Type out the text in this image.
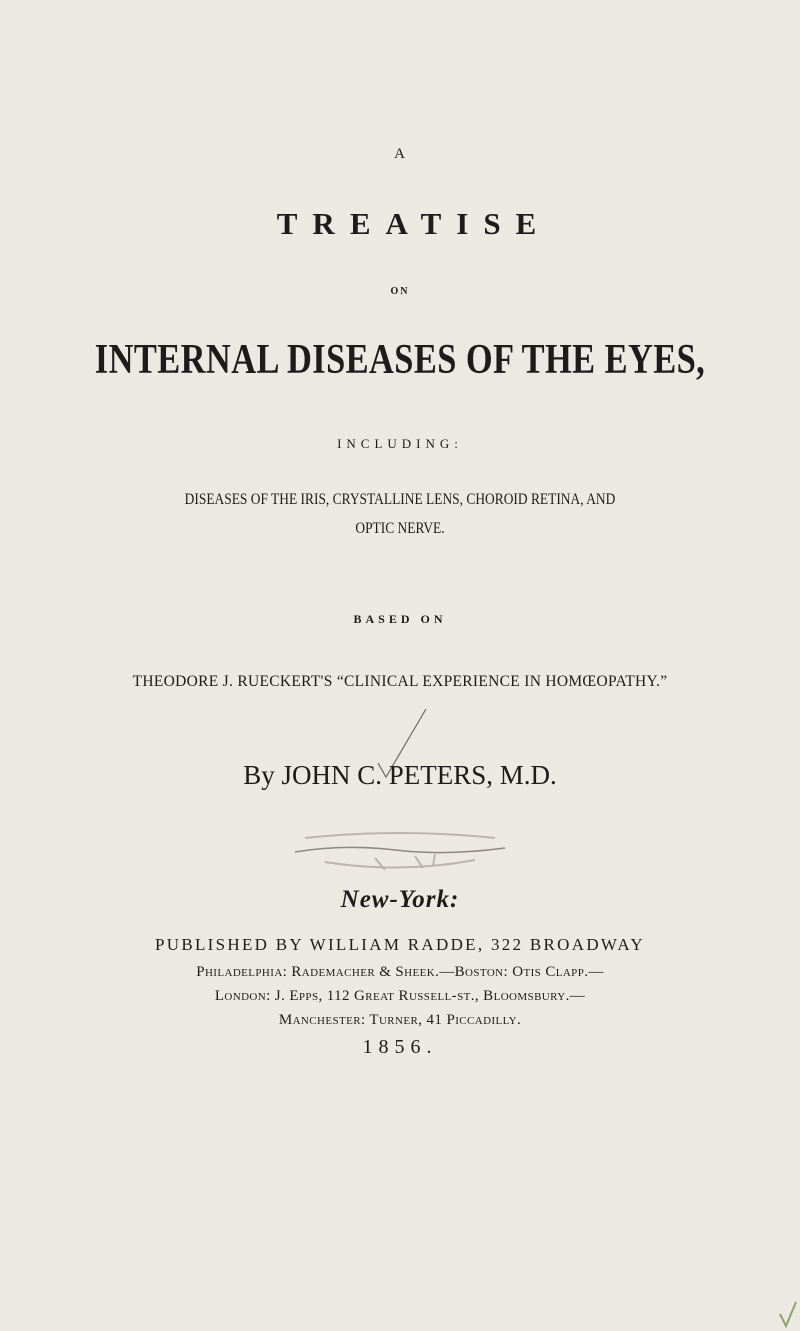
A
TREATISE
ON
INTERNAL DISEASES OF THE EYES,
INCLUDING:
DISEASES OF THE IRIS, CRYSTALLINE LENS, CHOROID RETINA, AND
OPTIC NERVE.
BASED ON
THEODORE J. RUECKERT'S “CLINICAL EXPERIENCE IN HOMŒOPATHY.”
By JOHN C. PETERS, M.D.
New-York:
PUBLISHED BY WILLIAM RADDE, 322 BROADWAY
Philadelphia: Rademacher & Sheek.—Boston: Otis Clapp.—
London: J. Epps, 112 Great Russell-st., Bloomsbury.—
Manchester: Turner, 41 Piccadilly.
1856.
